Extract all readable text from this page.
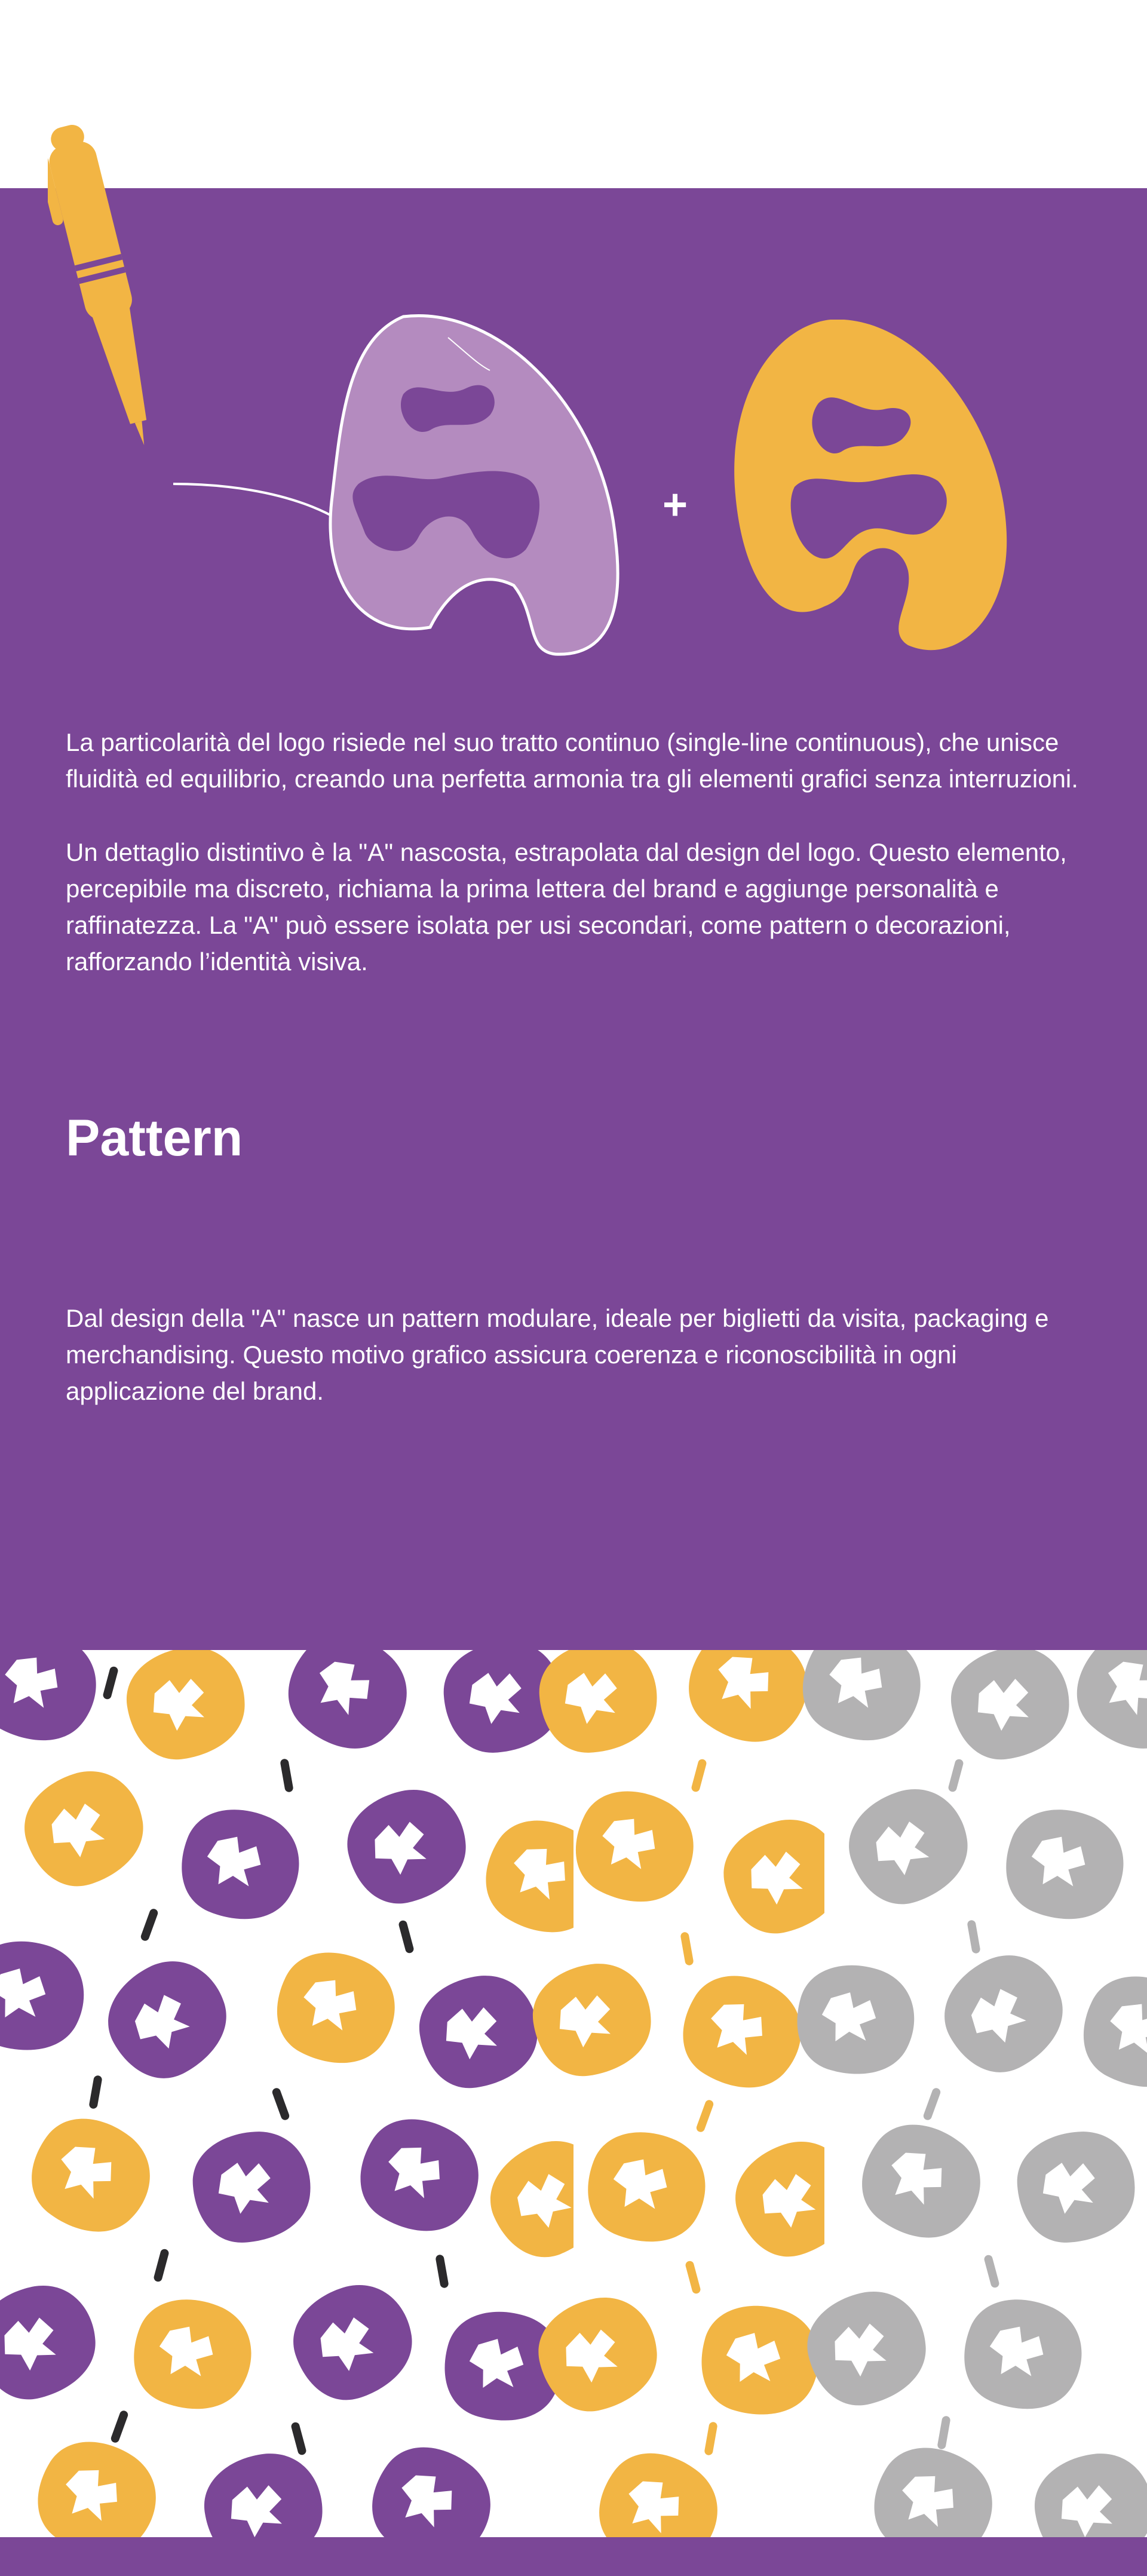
+

La particolarità del logo risiede nel suo tratto continuo (single-line continuous), che unisce fluidità ed equilibrio, creando una perfetta armonia tra gli elementi grafici senza interruzioni.

Un dettaglio distintivo è la "A" nascosta, estrapolata dal design del logo. Questo elemento, percepibile ma discreto, richiama la prima lettera del brand e aggiunge personalità e raffinatezza. La "A" può essere isolata per usi secondari, come pattern o decorazioni, rafforzando l’identità visiva.

Pattern

Dal design della "A" nasce un pattern modulare, ideale per biglietti da visita, packaging e merchandising. Questo motivo grafico assicura coerenza e riconoscibilità in ogni applicazione del brand.
